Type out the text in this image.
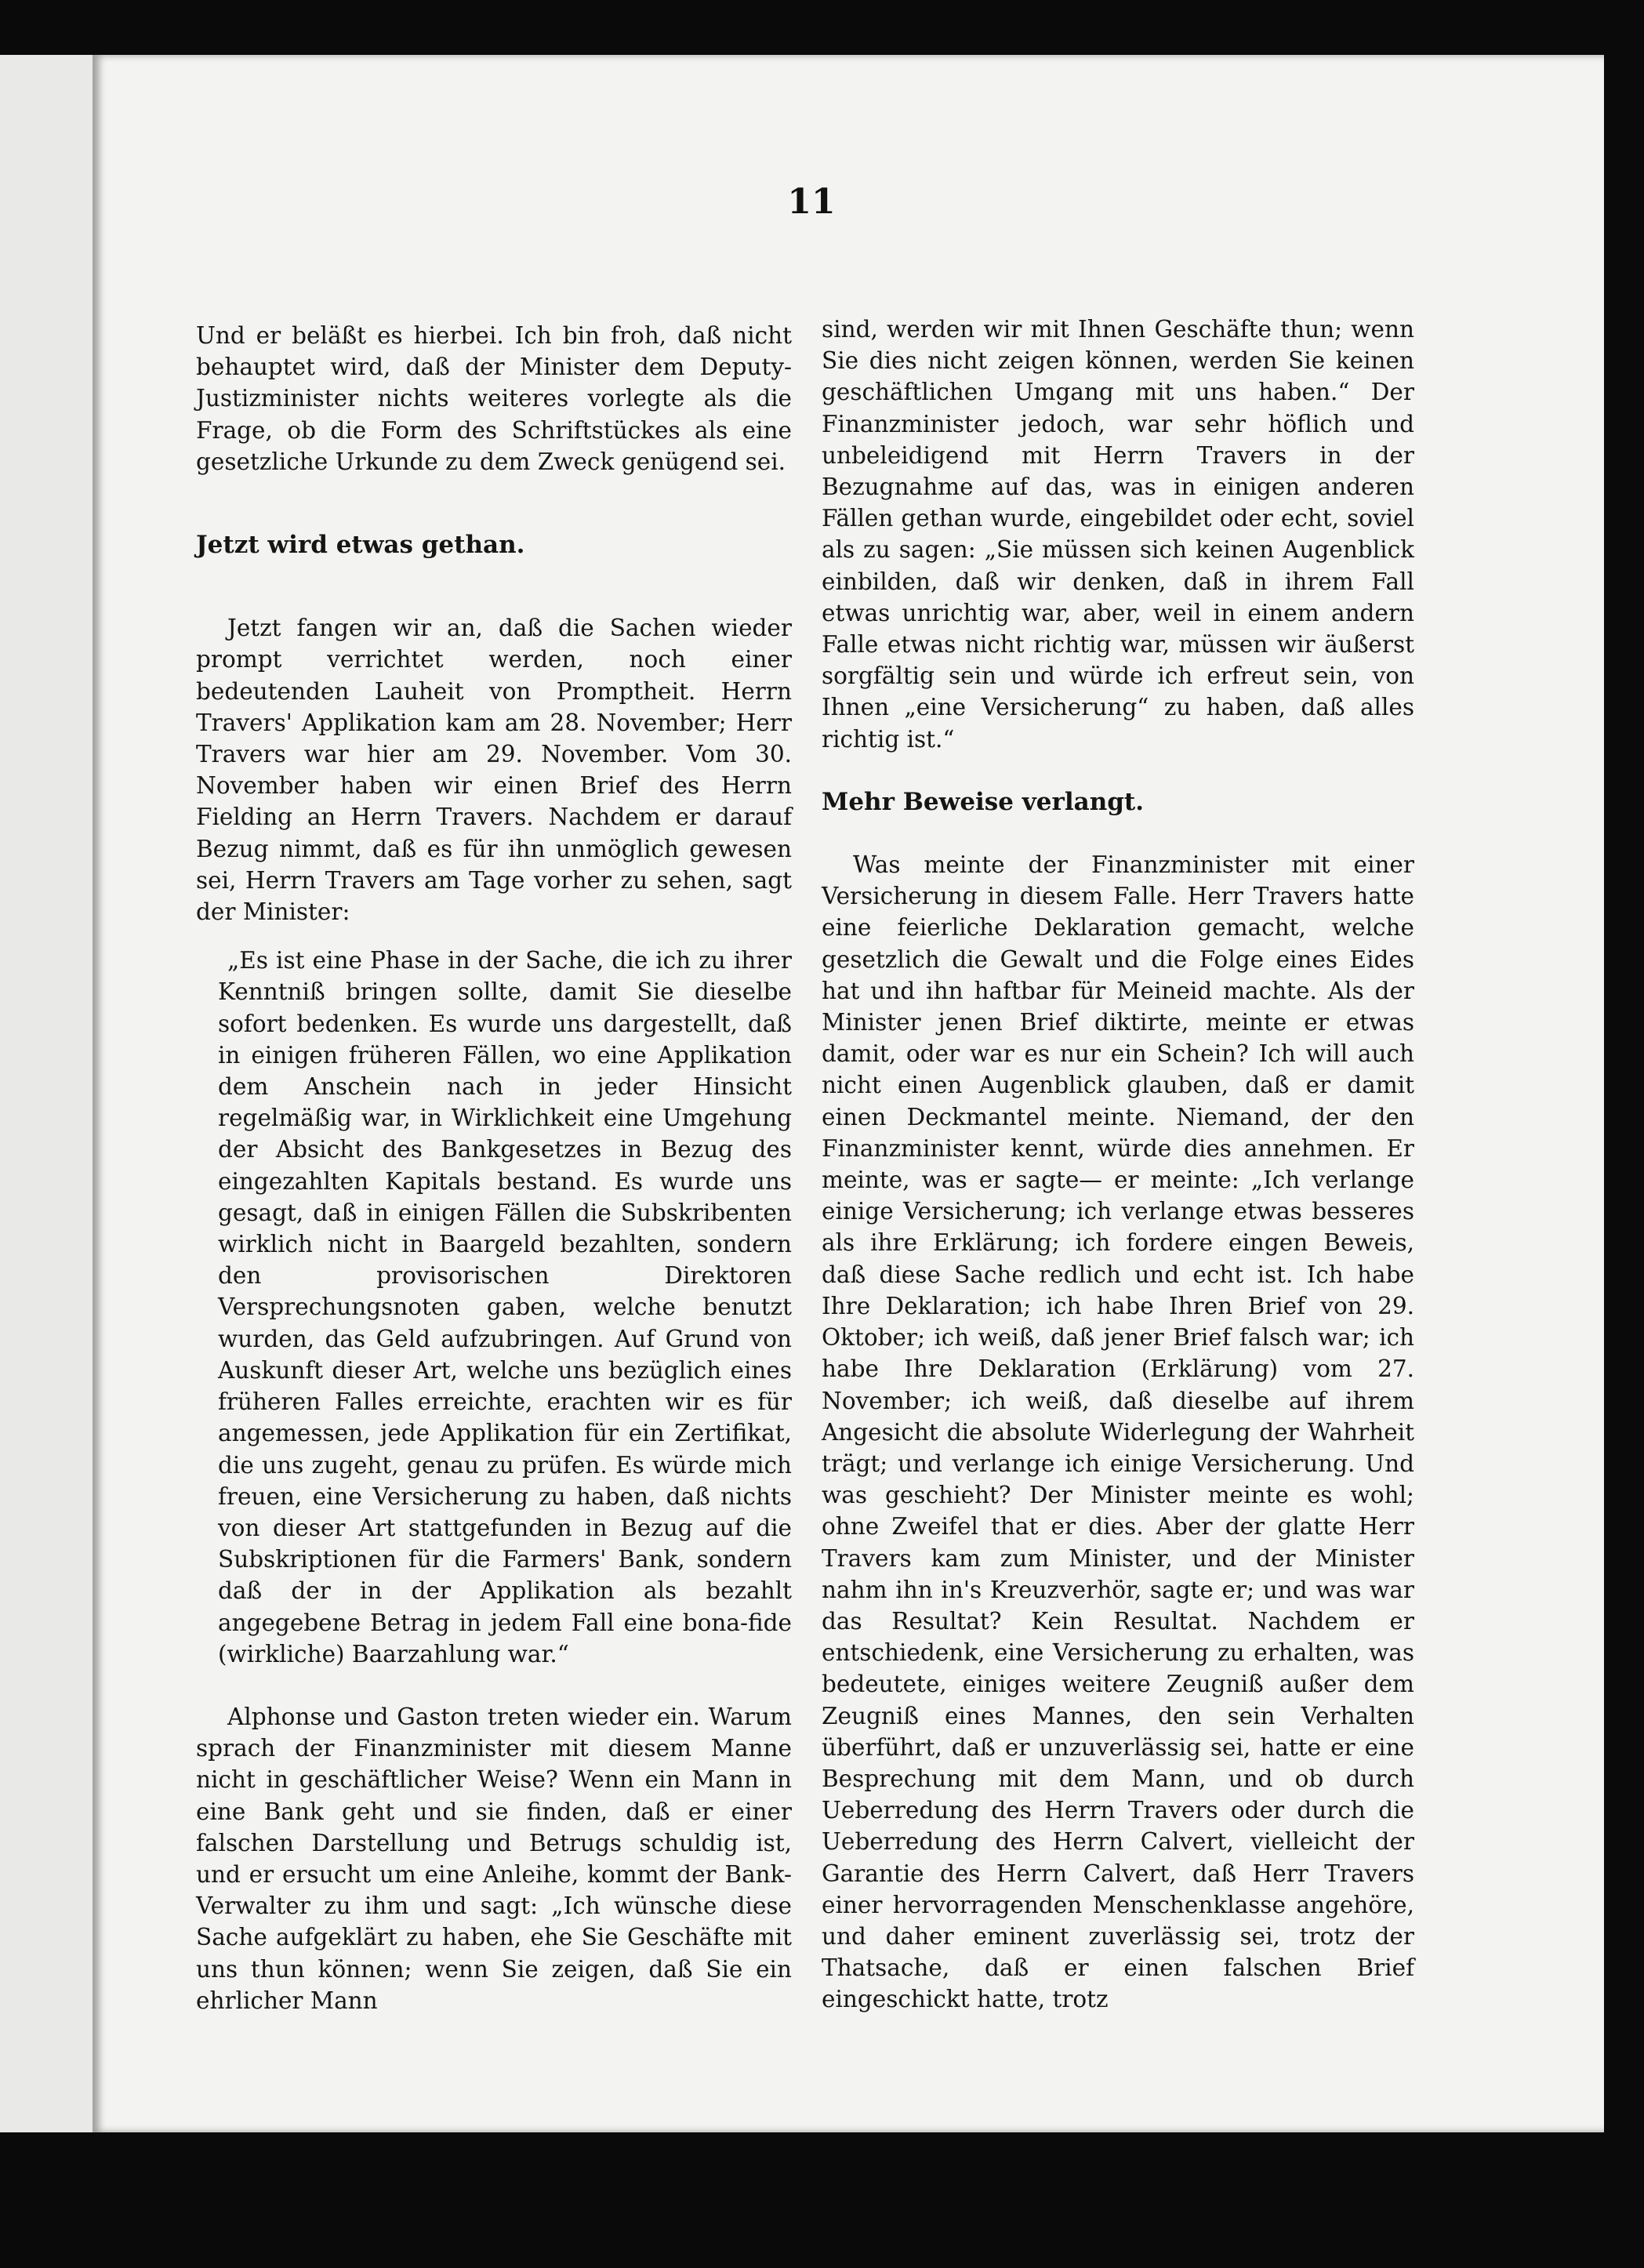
11

Und er beläßt es hierbei. Ich bin froh, daß nicht behauptet wird, daß der Minister dem Deputy-Justizminister nichts weiteres vorlegte als die Frage, ob die Form des Schriftstückes als eine gesetzliche Urkunde zu dem Zweck genügend sei.

Jetzt wird etwas gethan.

Jetzt fangen wir an, daß die Sachen wieder prompt verrichtet werden, noch einer bedeutenden Lauheit von Promptheit. Herrn Travers' Applikation kam am 28. November; Herr Travers war hier am 29. November. Vom 30. November haben wir einen Brief des Herrn Fielding an Herrn Travers. Nachdem er darauf Bezug nimmt, daß es für ihn unmöglich gewesen sei, Herrn Travers am Tage vorher zu sehen, sagt der Minister:

„Es ist eine Phase in der Sache, die ich zu ihrer Kenntniß bringen sollte, damit Sie dieselbe sofort bedenken. Es wurde uns dargestellt, daß in einigen früheren Fällen, wo eine Applikation dem Anschein nach in jeder Hinsicht regelmäßig war, in Wirklichkeit eine Umgehung der Absicht des Bankgesetzes in Bezug des eingezahlten Kapitals bestand. Es wurde uns gesagt, daß in einigen Fällen die Subskribenten wirklich nicht in Baargeld bezahlten, sondern den provisorischen Direktoren Versprechungsnoten gaben, welche benutzt wurden, das Geld aufzubringen. Auf Grund von Auskunft dieser Art, welche uns bezüglich eines früheren Falles erreichte, erachten wir es für angemessen, jede Applikation für ein Zertifikat, die uns zugeht, genau zu prüfen. Es würde mich freuen, eine Versicherung zu haben, daß nichts von dieser Art stattgefunden in Bezug auf die Subskriptionen für die Farmers' Bank, sondern daß der in der Applikation als bezahlt angegebene Betrag in jedem Fall eine bona-fide (wirkliche) Baarzahlung war.“

Alphonse und Gaston treten wieder ein. Warum sprach der Finanzminister mit diesem Manne nicht in geschäftlicher Weise? Wenn ein Mann in eine Bank geht und sie finden, daß er einer falschen Darstellung und Betrugs schuldig ist, und er ersucht um eine Anleihe, kommt der Bank-Verwalter zu ihm und sagt: „Ich wünsche diese Sache aufgeklärt zu haben, ehe Sie Geschäfte mit uns thun können; wenn Sie zeigen, daß Sie ein ehrlicher Mann

sind, werden wir mit Ihnen Geschäfte thun; wenn Sie dies nicht zeigen können, werden Sie keinen geschäftlichen Umgang mit uns haben.“ Der Finanzminister jedoch, war sehr höflich und unbeleidigend mit Herrn Travers in der Bezugnahme auf das, was in einigen anderen Fällen gethan wurde, eingebildet oder echt, soviel als zu sagen: „Sie müssen sich keinen Augenblick einbilden, daß wir denken, daß in ihrem Fall etwas unrichtig war, aber, weil in einem andern Falle etwas nicht richtig war, müssen wir äußerst sorgfältig sein und würde ich erfreut sein, von Ihnen „eine Versicherung“ zu haben, daß alles richtig ist.“

Mehr Beweise verlangt.

Was meinte der Finanzminister mit einer Versicherung in diesem Falle. Herr Travers hatte eine feierliche Deklaration gemacht, welche gesetzlich die Gewalt und die Folge eines Eides hat und ihn haftbar für Meineid machte. Als der Minister jenen Brief diktirte, meinte er etwas damit, oder war es nur ein Schein? Ich will auch nicht einen Augenblick glauben, daß er damit einen Deckmantel meinte. Niemand, der den Finanzminister kennt, würde dies annehmen. Er meinte, was er sagte— er meinte: „Ich verlange einige Versicherung; ich verlange etwas besseres als ihre Erklärung; ich fordere eingen Beweis, daß diese Sache redlich und echt ist. Ich habe Ihre Deklaration; ich habe Ihren Brief von 29. Oktober; ich weiß, daß jener Brief falsch war; ich habe Ihre Deklaration (Erklärung) vom 27. November; ich weiß, daß dieselbe auf ihrem Angesicht die absolute Widerlegung der Wahrheit trägt; und verlange ich einige Versicherung. Und was geschieht? Der Minister meinte es wohl; ohne Zweifel that er dies. Aber der glatte Herr Travers kam zum Minister, und der Minister nahm ihn in's Kreuzverhör, sagte er; und was war das Resultat? Kein Resultat. Nachdem er entschiedenk, eine Versicherung zu erhalten, was bedeutete, einiges weitere Zeugniß außer dem Zeugniß eines Mannes, den sein Verhalten überführt, daß er unzuverlässig sei, hatte er eine Besprechung mit dem Mann, und ob durch Ueberredung des Herrn Travers oder durch die Ueberredung des Herrn Calvert, vielleicht der Garantie des Herrn Calvert, daß Herr Travers einer hervorragenden Menschenklasse angehöre, und daher eminent zuverlässig sei, trotz der Thatsache, daß er einen falschen Brief eingeschickt hatte, trotz
